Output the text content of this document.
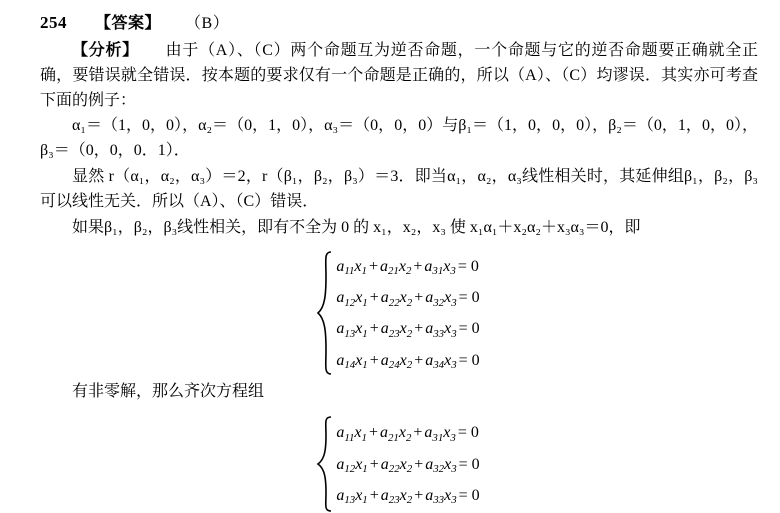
254 【答案】 （B）

【分析】 由于（A）、（C）两个命题互为逆否命题，一个命题与它的逆否命题要正确就全正确，要错误就全错误．按本题的要求仅有一个命题是正确的，所以（A）、（C）均谬误．其实亦可考查下面的例子：

α₁＝（1，0，0），α₂＝（0，1，0），α₃＝（0，0，0）与β₁＝（1，0，0，0），β₂＝（0，1，0，0），β₃＝（0，0，0．1）．

显然 r（α₁，α₂，α₃）＝2，r（β₁，β₂，β₃）＝3．即当α₁，α₂，α₃线性相关时，其延伸组β₁，β₂，β₃可以线性无关．所以（A）、（C）错误．

如果β₁，β₂，β₃线性相关，即有不全为 0 的 x₁，x₂，x₃ 使 x₁α₁＋x₂α₂＋x₃α₃＝0，即

$a_{11}x_1 + a_{21}x_2 + a_{31}x_3 = 0$
$a_{12}x_1 + a_{22}x_2 + a_{32}x_3 = 0$
$a_{13}x_1 + a_{23}x_2 + a_{33}x_3 = 0$
$a_{14}x_1 + a_{24}x_2 + a_{34}x_3 = 0$

有非零解，那么齐次方程组

$a_{11}x_1 + a_{21}x_2 + a_{31}x_3 = 0$
$a_{12}x_1 + a_{22}x_2 + a_{32}x_3 = 0$
$a_{13}x_1 + a_{23}x_2 + a_{33}x_3 = 0$
